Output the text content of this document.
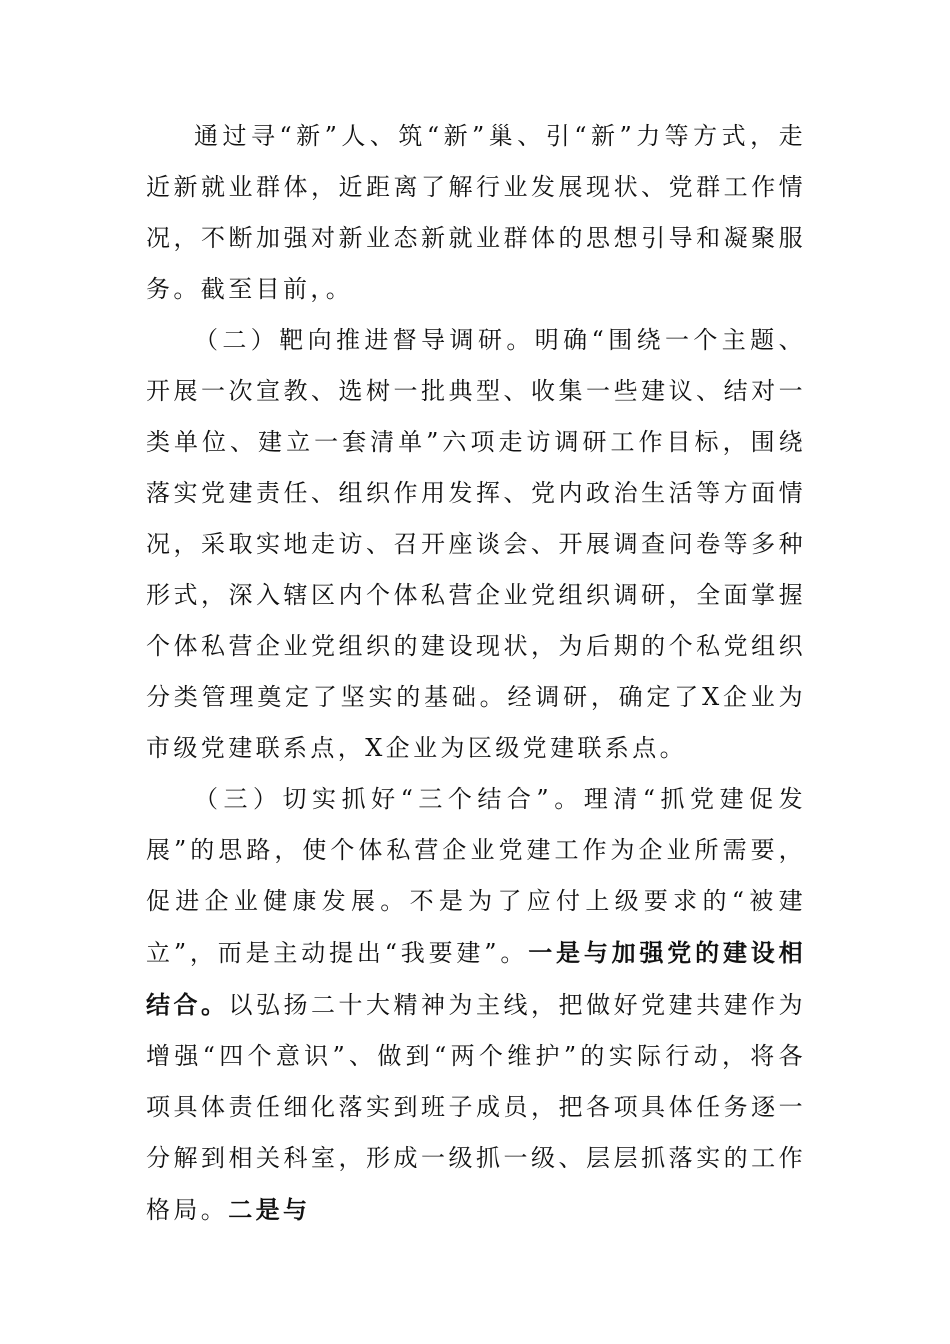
通过寻“新”人、筑“新”巢、引“新”力等方式，走近新就业群体，近距离了解行业发展现状、党群工作情况，不断加强对新业态新就业群体的思想引导和凝聚服务。截至目前，。

（二）靶向推进督导调研。明确“围绕一个主题、开展一次宣教、选树一批典型、收集一些建议、结对一类单位、建立一套清单”六项走访调研工作目标，围绕落实党建责任、组织作用发挥、党内政治生活等方面情况，采取实地走访、召开座谈会、开展调查问卷等多种形式，深入辖区内个体私营企业党组织调研，全面掌握个体私营企业党组织的建设现状，为后期的个私党组织分类管理奠定了坚实的基础。经调研，确定了X企业为市级党建联系点，X企业为区级党建联系点。

（三）切实抓好“三个结合”。理清“抓党建促发展”的思路，使个体私营企业党建工作为企业所需要，促进企业健康发展。不是为了应付上级要求的“被建立”，而是主动提出“我要建”。一是与加强党的建设相结合。以弘扬二十大精神为主线，把做好党建共建作为增强“四个意识”、做到“两个维护”的实际行动，将各项具体责任细化落实到班子成员，把各项具体任务逐一分解到相关科室，形成一级抓一级、层层抓落实的工作格局。二是与
